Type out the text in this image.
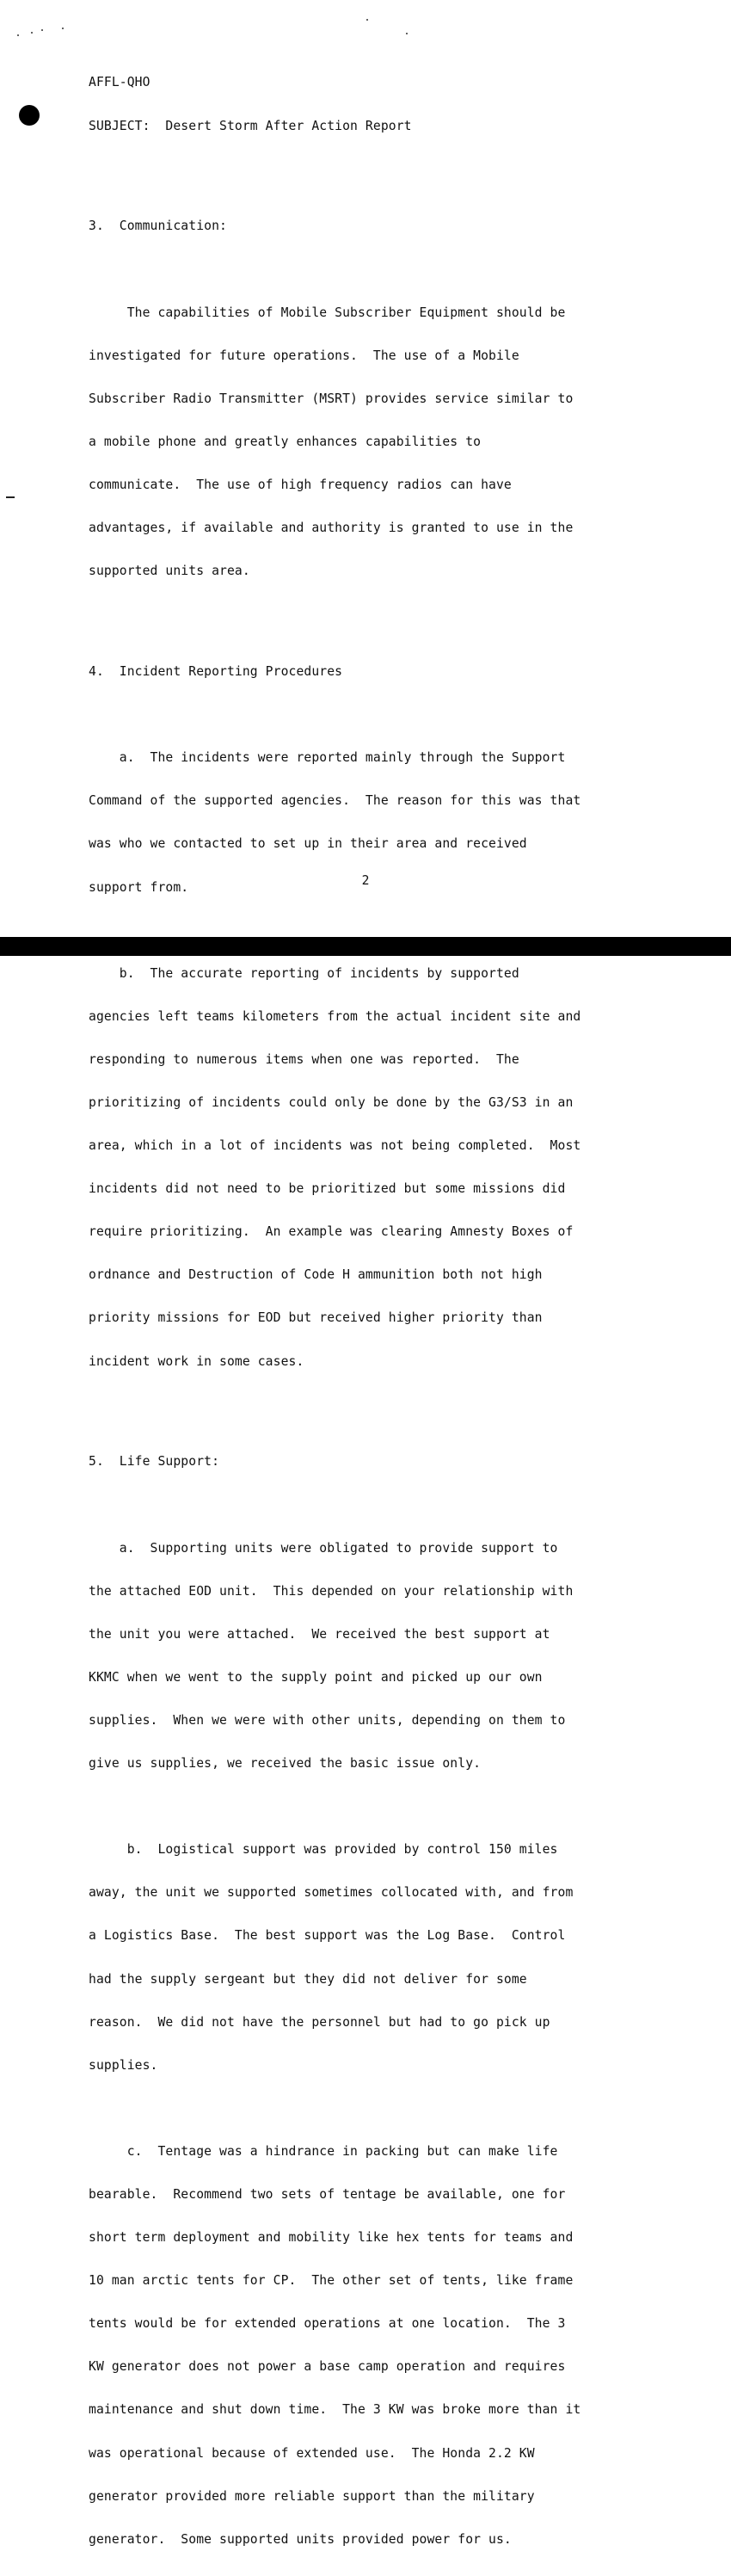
AFFL-QHO

SUBJECT:  Desert Storm After Action Report

3.  Communication:

The capabilities of Mobile Subscriber Equipment should be

investigated for future operations.  The use of a Mobile

Subscriber Radio Transmitter (MSRT) provides service similar to

a mobile phone and greatly enhances capabilities to

communicate.  The use of high frequency radios can have

advantages, if available and authority is granted to use in the

supported units area.

4.  Incident Reporting Procedures

a.  The incidents were reported mainly through the Support

Command of the supported agencies.  The reason for this was that

was who we contacted to set up in their area and received

support from.

b.  The accurate reporting of incidents by supported

agencies left teams kilometers from the actual incident site and

responding to numerous items when one was reported.  The

prioritizing of incidents could only be done by the G3/S3 in an

area, which in a lot of incidents was not being completed.  Most

incidents did not need to be prioritized but some missions did

require prioritizing.  An example was clearing Amnesty Boxes of

ordnance and Destruction of Code H ammunition both not high

priority missions for EOD but received higher priority than

incident work in some cases.

5.  Life Support:

a.  Supporting units were obligated to provide support to

the attached EOD unit.  This depended on your relationship with

the unit you were attached.  We received the best support at

KKMC when we went to the supply point and picked up our own

supplies.  When we were with other units, depending on them to

give us supplies, we received the basic issue only.

b.  Logistical support was provided by control 150 miles

away, the unit we supported sometimes collocated with, and from

a Logistics Base.  The best support was the Log Base.  Control

had the supply sergeant but they did not deliver for some

reason.  We did not have the personnel but had to go pick up

supplies.

c.  Tentage was a hindrance in packing but can make life

bearable.  Recommend two sets of tentage be available, one for

short term deployment and mobility like hex tents for teams and

10 man arctic tents for CP.  The other set of tents, like frame

tents would be for extended operations at one location.  The 3

KW generator does not power a base camp operation and requires

maintenance and shut down time.  The 3 KW was broke more than it

was operational because of extended use.  The Honda 2.2 KW

generator provided more reliable support than the military

generator.  Some supported units provided power for us.

2
